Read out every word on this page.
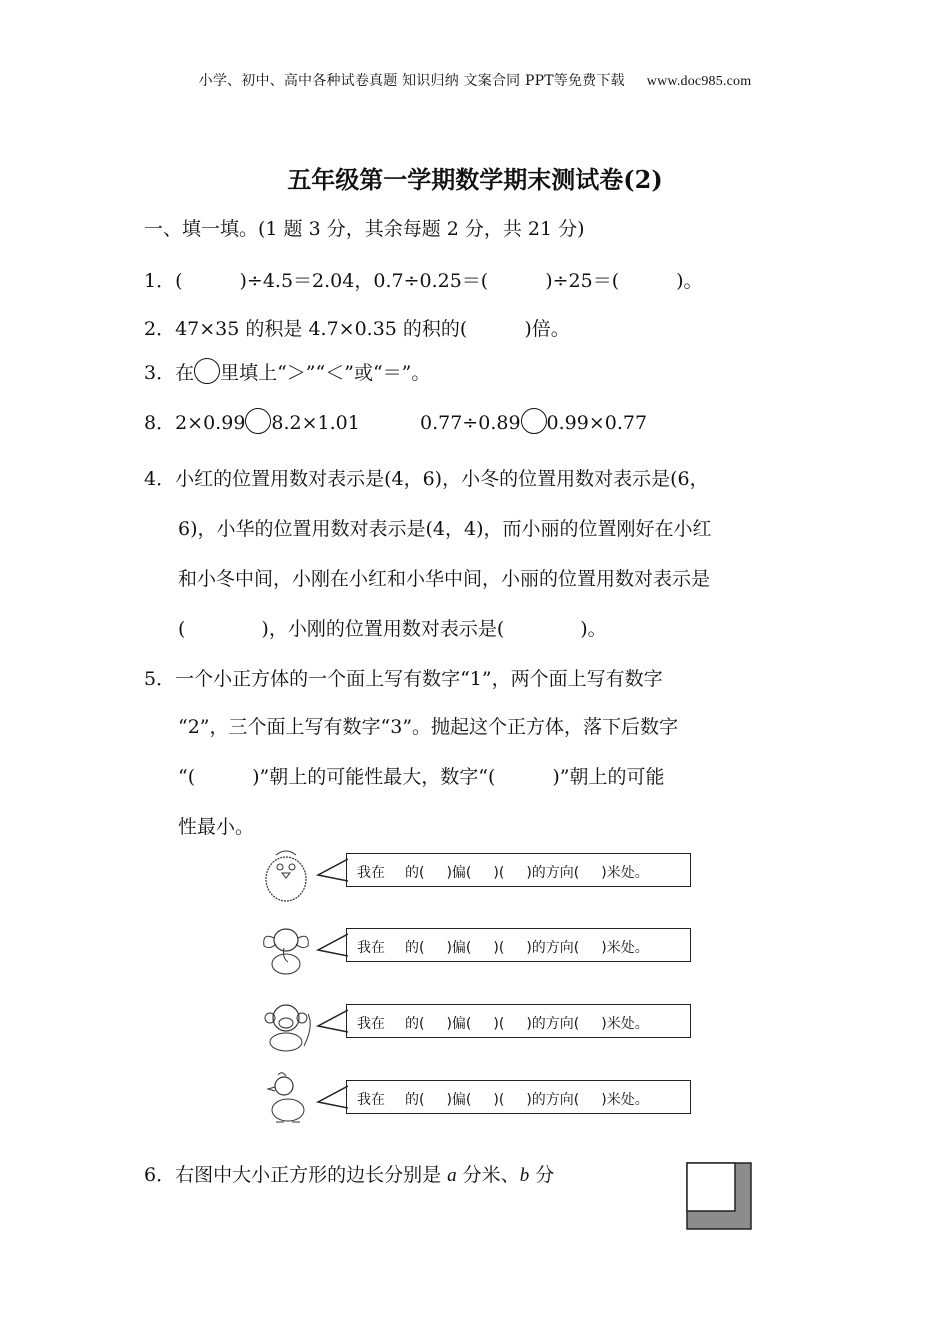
小学、初中、高中各种试卷真题 知识归纳 文案合同 PPT等免费下载 www.doc985.com
五年级第一学期数学期末测试卷(2)
一、填一填。(1 题 3 分，其余每题 2 分，共 21 分)
1．(　　　)÷4.5＝2.04，0.7÷0.25＝(　　　)÷25＝(　　　)。
2．47×35 的积是 4.7×0.35 的积的(　　　)倍。
3．在 里填上“＞”“＜”或“＝”。
8．2×0.99 8.2×1.01	0.77÷0.89 0.99×0.77
4．小红的位置用数对表示是(4，6)，小冬的位置用数对表示是(6，
6)，小华的位置用数对表示是(4，4)，而小丽的位置刚好在小红
和小冬中间，小刚在小红和小华中间，小丽的位置用数对表示是
(　　　　)，小刚的位置用数对表示是(　　　　)。
5．一个小正方体的一个面上写有数字“1”，两个面上写有数字
“2”，三个面上写有数字“3”。抛起这个正方体，落下后数字
“(　　　)”朝上的可能性最大，数字“(　　　)”朝上的可能
性最小。
我在 的( )偏( )( )的方向( )米处。
我在 的( )偏( )( )的方向( )米处。
我在 的( )偏( )( )的方向( )米处。
我在 的( )偏( )( )的方向( )米处。
6．右图中大小正方形的边长分别是 a 分米、b 分
